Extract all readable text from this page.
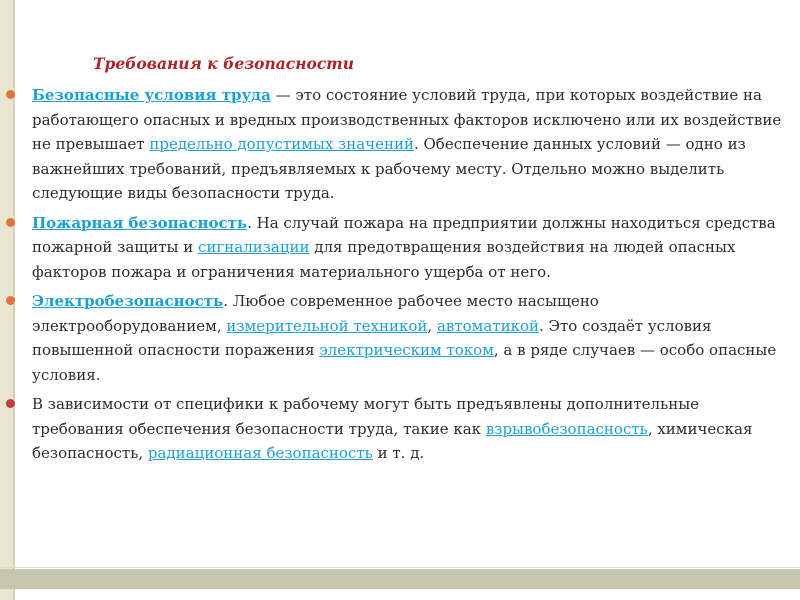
Требования к безопасности
Безопасные условия труда — это состояние условий труда, при которых воздействие на работающего опасных и вредных производственных факторов исключено или их воздействие не превышает предельно допустимых значений. Обеспечение данных условий — одно из важнейших требований, предъявляемых к рабочему месту. Отдельно можно выделить следующие виды безопасности труда.
Пожарная безопасность. На случай пожара на предприятии должны находиться средства пожарной защиты и сигнализации для предотвращения воздействия на людей опасных факторов пожара и ограничения материального ущерба от него.
Электробезопасность. Любое современное рабочее место насыщено электрооборудованием, измерительной техникой, автоматикой. Это создаёт условия повышенной опасности поражения электрическим током, а в ряде случаев — особо опасные условия.
В зависимости от специфики к рабочему могут быть предъявлены дополнительные требования обеспечения безопасности труда, такие как взрывобезопасность, химическая безопасность, радиационная безопасность и т. д.
